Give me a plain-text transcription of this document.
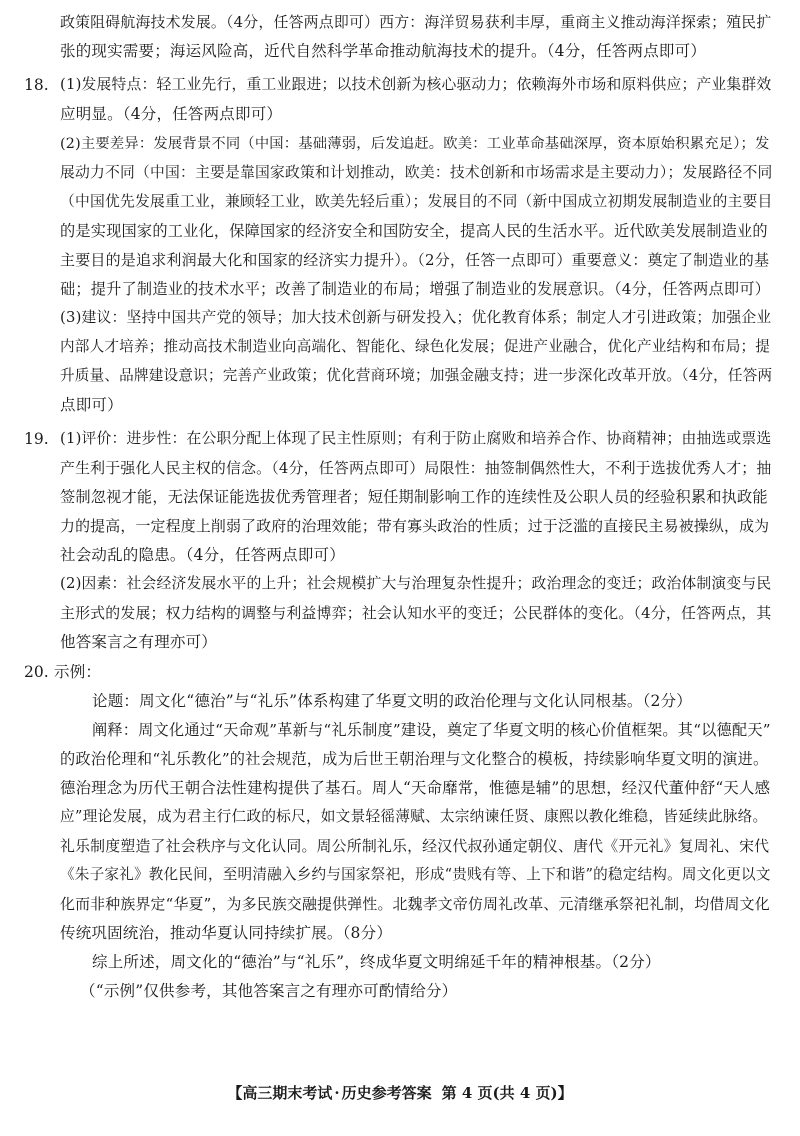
政策阻碍航海技术发展。（4分，任答两点即可）西方：海洋贸易获利丰厚，重商主义推动海洋探索；殖民扩
张的现实需要；海运风险高，近代自然科学革命推动航海技术的提升。（4分，任答两点即可）
18. (1)发展特点：轻工业先行，重工业跟进；以技术创新为核心驱动力；依赖海外市场和原料供应；产业集群效
应明显。（4分，任答两点即可）
(2)主要差异：发展背景不同（中国：基础薄弱，后发追赶。欧美：工业革命基础深厚，资本原始积累充足）；发
展动力不同（中国：主要是靠国家政策和计划推动，欧美：技术创新和市场需求是主要动力）；发展路径不同
（中国优先发展重工业，兼顾轻工业，欧美先轻后重）；发展目的不同（新中国成立初期发展制造业的主要目
的是实现国家的工业化，保障国家的经济安全和国防安全，提高人民的生活水平。近代欧美发展制造业的
主要目的是追求利润最大化和国家的经济实力提升）。（2分，任答一点即可）重要意义：奠定了制造业的基
础；提升了制造业的技术水平；改善了制造业的布局；增强了制造业的发展意识。（4分，任答两点即可）
(3)建议：坚持中国共产党的领导；加大技术创新与研发投入；优化教育体系；制定人才引进政策；加强企业
内部人才培养；推动高技术制造业向高端化、智能化、绿色化发展；促进产业融合，优化产业结构和布局；提
升质量、品牌建设意识；完善产业政策；优化营商环境；加强金融支持；进一步深化改革开放。（4分，任答两
点即可）
19. (1)评价：进步性：在公职分配上体现了民主性原则；有利于防止腐败和培养合作、协商精神；由抽选或票选
产生利于强化人民主权的信念。（4分，任答两点即可）局限性：抽签制偶然性大，不利于选拔优秀人才；抽
签制忽视才能，无法保证能选拔优秀管理者；短任期制影响工作的连续性及公职人员的经验积累和执政能
力的提高，一定程度上削弱了政府的治理效能；带有寡头政治的性质；过于泛滥的直接民主易被操纵，成为
社会动乱的隐患。（4分，任答两点即可）
(2)因素：社会经济发展水平的上升；社会规模扩大与治理复杂性提升；政治理念的变迁；政治体制演变与民
主形式的发展；权力结构的调整与利益博弈；社会认知水平的变迁；公民群体的变化。（4分，任答两点，其
他答案言之有理亦可）
20. 示例：
论题：周文化“德治”与“礼乐”体系构建了华夏文明的政治伦理与文化认同根基。（2分）
阐释：周文化通过“天命观”革新与“礼乐制度”建设，奠定了华夏文明的核心价值框架。其“以德配天”
的政治伦理和“礼乐教化”的社会规范，成为后世王朝治理与文化整合的模板，持续影响华夏文明的演进。
德治理念为历代王朝合法性建构提供了基石。周人“天命靡常，惟德是辅”的思想，经汉代董仲舒“天人感
应”理论发展，成为君主行仁政的标尺，如文景轻徭薄赋、太宗纳谏任贤、康熙以教化维稳，皆延续此脉络。
礼乐制度塑造了社会秩序与文化认同。周公所制礼乐，经汉代叔孙通定朝仪、唐代《开元礼》复周礼、宋代
《朱子家礼》教化民间，至明清融入乡约与国家祭祀，形成“贵贱有等、上下和谐”的稳定结构。周文化更以文
化而非种族界定“华夏”，为多民族交融提供弹性。北魏孝文帝仿周礼改革、元清继承祭祀礼制，均借周文化
传统巩固统治，推动华夏认同持续扩展。（8分）
综上所述，周文化的“德治”与“礼乐”，终成华夏文明绵延千年的精神根基。（2分）
（“示例”仅供参考，其他答案言之有理亦可酌情给分）
【高三期末考试 · 历史参考答案 第 4 页(共 4 页)】
